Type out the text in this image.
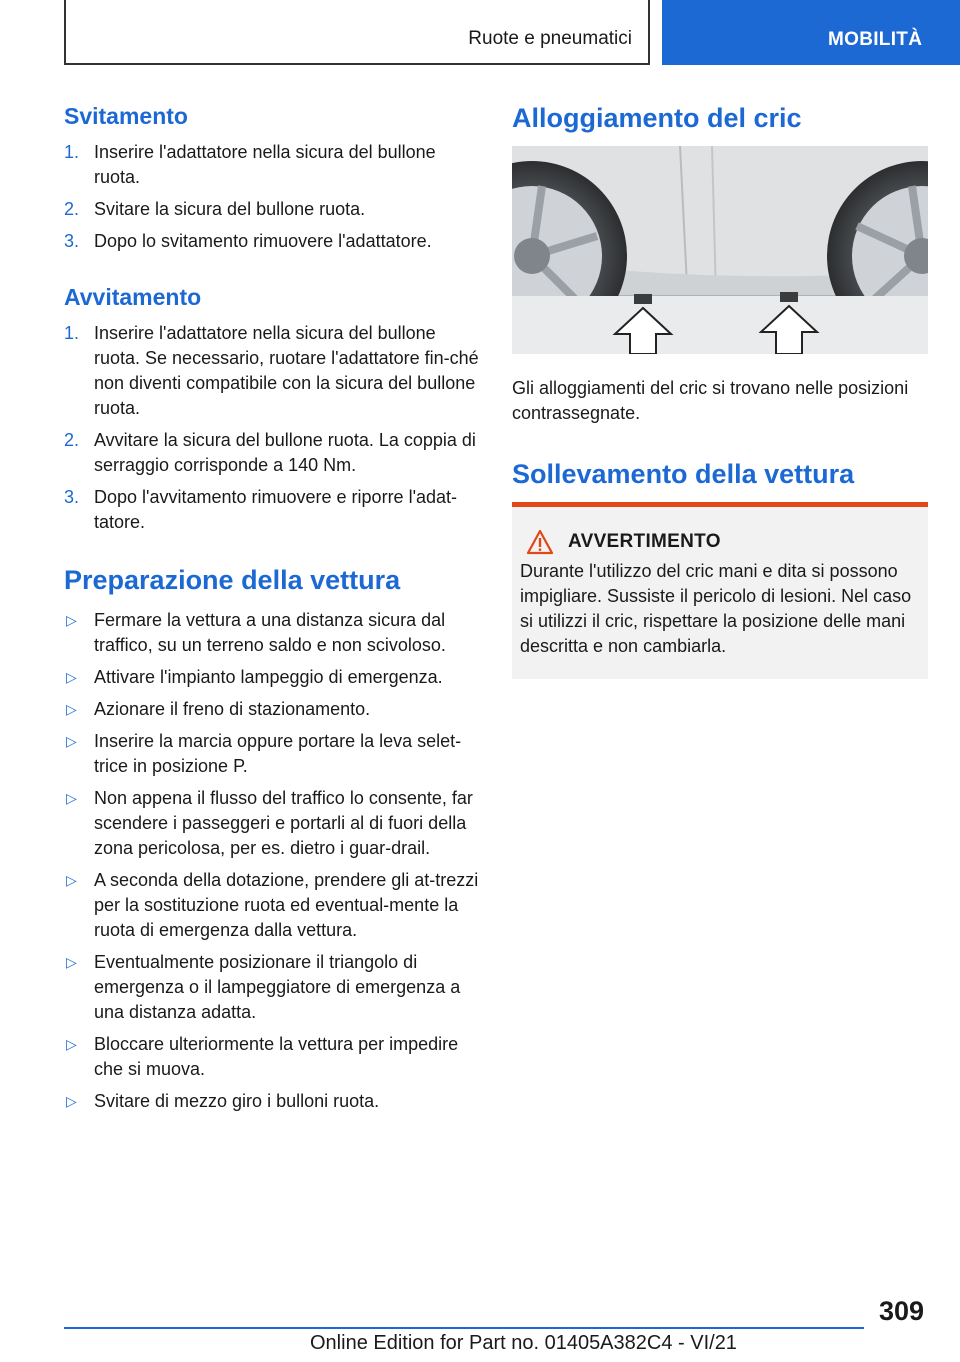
Ruote e pneumatici	MOBILITÀ
Svitamento
1. Inserire l'adattatore nella sicura del bullone ruota.
2. Svitare la sicura del bullone ruota.
3. Dopo lo svitamento rimuovere l'adattatore.
Avvitamento
1. Inserire l'adattatore nella sicura del bullone ruota. Se necessario, ruotare l'adattatore fin-ché non diventi compatibile con la sicura del bullone ruota.
2. Avvitare la sicura del bullone ruota. La coppia di serraggio corrisponde a 140 Nm.
3. Dopo l'avvitamento rimuovere e riporre l'adat-tatore.
Preparazione della vettura
▷ Fermare la vettura a una distanza sicura dal traffico, su un terreno saldo e non scivoloso.
▷ Attivare l'impianto lampeggio di emergenza.
▷ Azionare il freno di stazionamento.
▷ Inserire la marcia oppure portare la leva selet-trice in posizione P.
▷ Non appena il flusso del traffico lo consente, far scendere i passeggeri e portarli al di fuori della zona pericolosa, per es. dietro i guar-drail.
▷ A seconda della dotazione, prendere gli at-trezzi per la sostituzione ruota ed eventual-mente la ruota di emergenza dalla vettura.
▷ Eventualmente posizionare il triangolo di emergenza o il lampeggiatore di emergenza a una distanza adatta.
▷ Bloccare ulteriormente la vettura per impedire che si muova.
▷ Svitare di mezzo giro i bulloni ruota.
Alloggiamento del cric

Gli alloggiamenti del cric si trovano nelle posizioni contrassegnate.

Sollevamento della vettura
AVVERTIMENTO

Durante l'utilizzo del cric mani e dita si possono impigliare. Sussiste il pericolo di lesioni. Nel caso si utilizzi il cric, rispettare la posizione delle mani descritta e non cambiarla.

309
Online Edition for Part no. 01405A382C4 - VI/21
